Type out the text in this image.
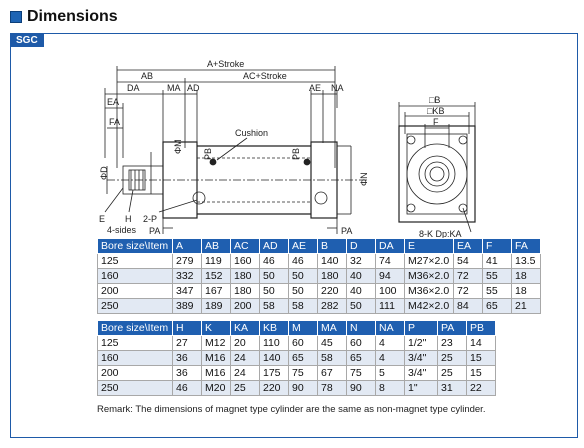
Dimensions
SGC
A+Stroke
AB	AC+Stroke
DA	MA AD	AE NA
EA
FA
Cushion
ΦD
ΦM
ΦN
PB	PB
E H 2-P
4-sides PA	PA
□B
□KB
F
8-K Dp:KA
Bore size\Item	A	AB	AC	AD	AE	B	D	DA	E	EA	F	FA
125	279	119	160	46	46	140	32	74	M27×2.0	54	41	13.5
160	332	152	180	50	50	180	40	94	M36×2.0	72	55	18
200	347	167	180	50	50	220	40	100	M36×2.0	72	55	18
250	389	189	200	58	58	282	50	111	M42×2.0	84	65	21
Bore size\Item	H	K	KA	KB	M	MA	N	NA	P	PA	PB
125	27	M12	20	110	60	45	60	4	1/2"	23	14
160	36	M16	24	140	65	58	65	4	3/4"	25	15
200	36	M16	24	175	75	67	75	5	3/4"	25	15
250	46	M20	25	220	90	78	90	8	1"	31	22
Remark: The dimensions of magnet type cylinder are the same as non-magnet type cylinder.
